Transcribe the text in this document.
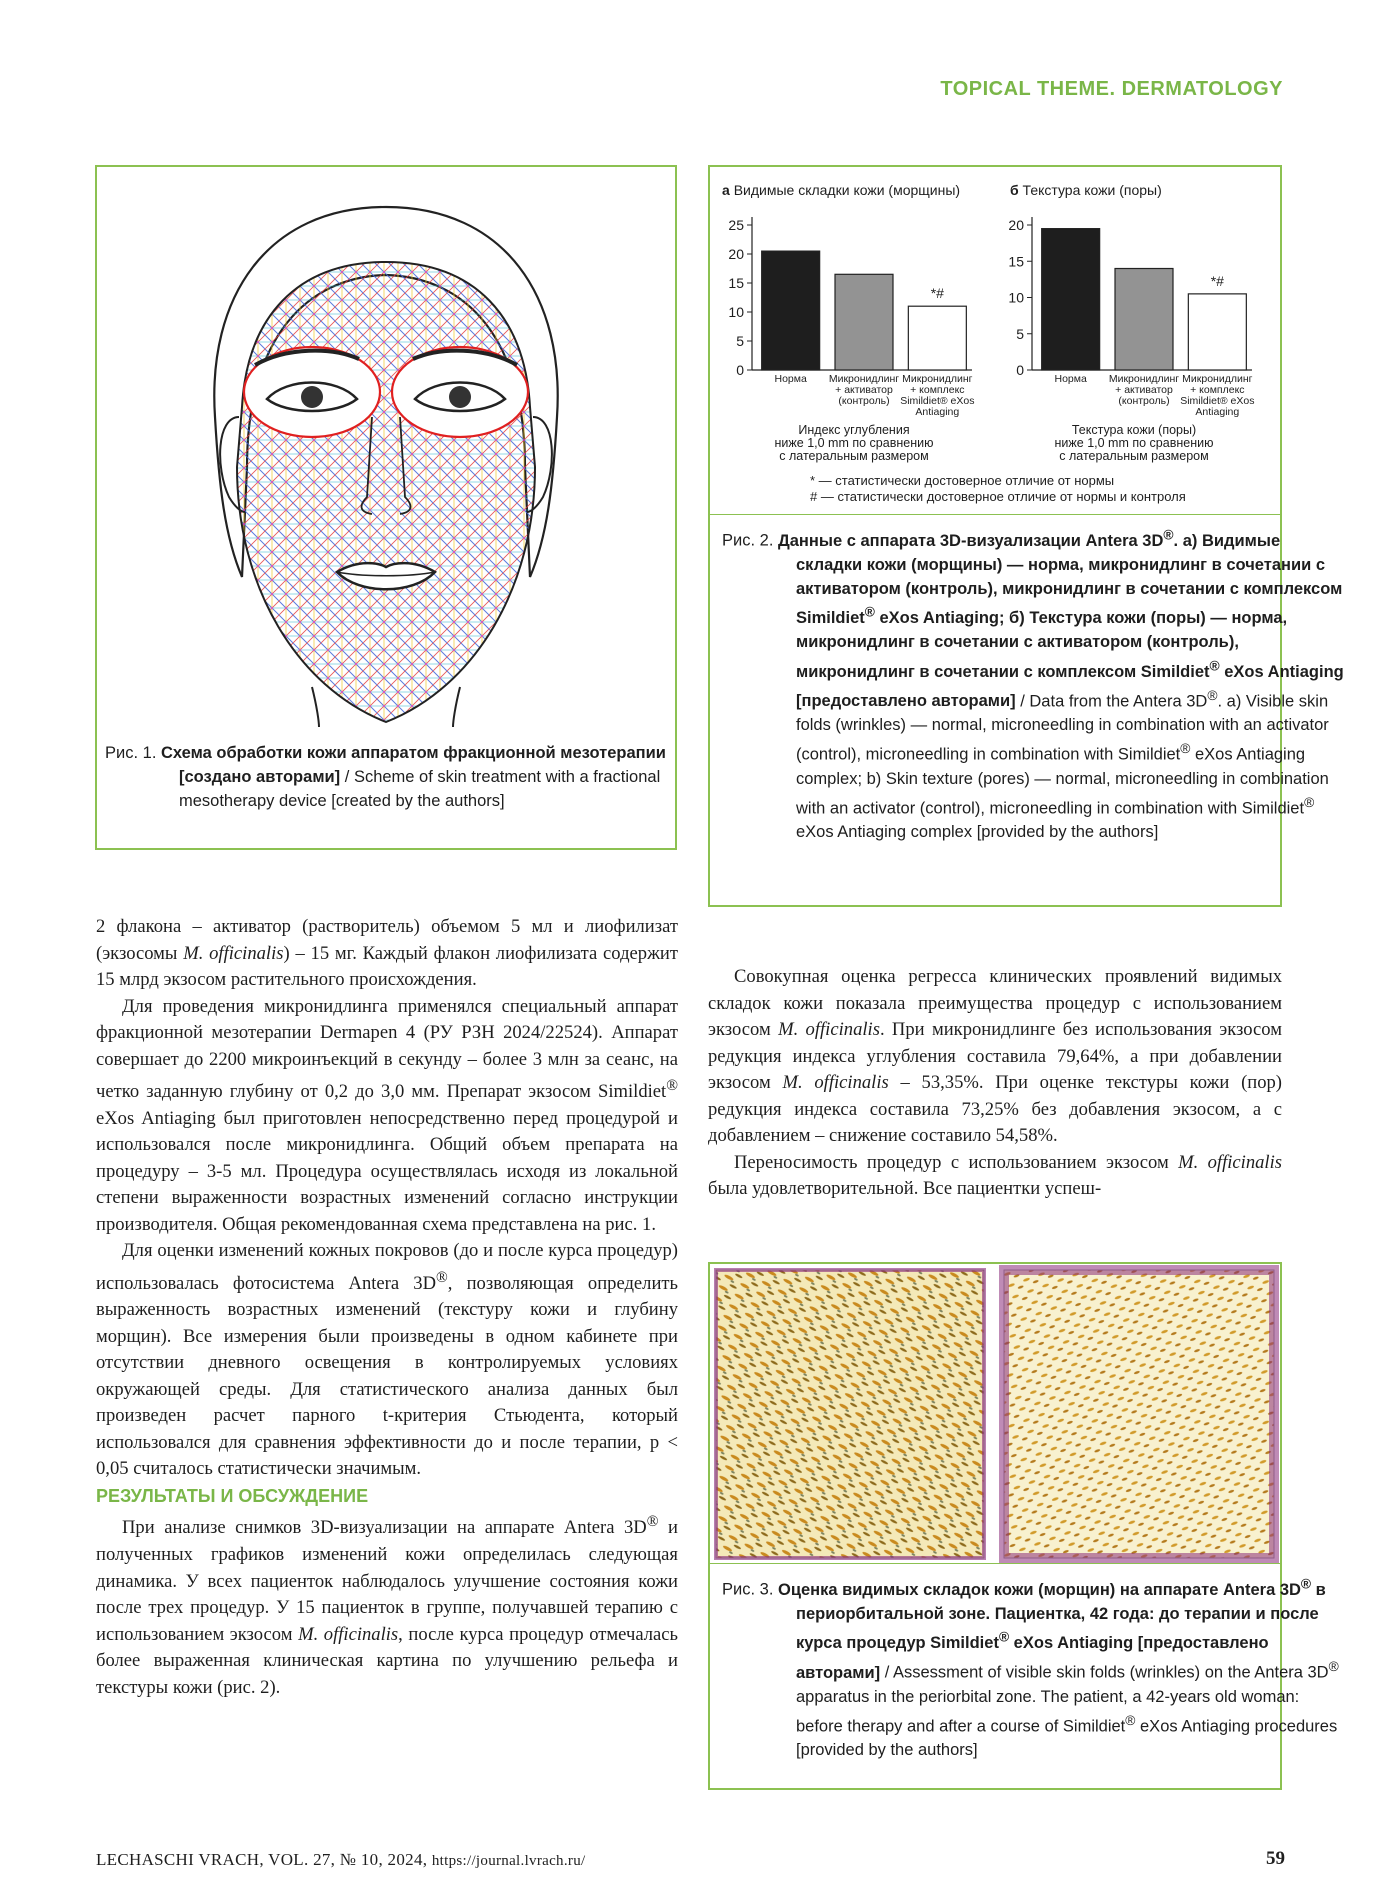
TOPICAL THEME. DERMATOLOGY
Рис. 1. Схема обработки кожи аппаратом фракционной мезотерапии [создано авторами] / Scheme of skin treatment with a fractional mesotherapy device [created by the authors]
а Видимые складки кожи (морщины)
0
5
10
15
20
25
Норма Микронидлинг
+ активатор
(контроль)
*#
Микронидлинг
+ комплекс
Simildiet® eXos
Antiaging
Индекс углубления
ниже 1,0 mm по сравнению
с латеральным размером
б Текстура кожи (поры)
0
5
10
15
20
Норма Микронидлинг
+ активатор
(контроль)
*#
Микронидлинг
+ комплекс
Simildiet® eXos
Antiaging
Текстура кожи (поры)
ниже 1,0 mm по сравнению
с латеральным размером
* — статистически достоверное отличие от нормы
# — статистически достоверное отличие от нормы и контроля
Рис. 2. Данные с аппарата 3D-визуализации Antera 3D®. а) Видимые складки кожи (морщины) — норма, микронидлинг в сочетании с активатором (контроль), микронидлинг в сочетании с комплексом Simildiet® eXos Antiaging; б) Текстура кожи (поры) — норма, микронидлинг в сочетании с активатором (контроль), микронидлинг в сочетании с комплексом Simildiet® eXos Antiaging [предоставлено авторами] / Data from the Antera 3D®. a) Visible skin folds (wrinkles) — normal, microneedling in combination with an activator (control), microneedling in combination with Simildiet® eXos Antiaging complex; b) Skin texture (pores) — normal, microneedling in combination with an activator (control), microneedling in combination with Simildiet® eXos Antiaging complex [provided by the authors]
Рис. 3. Оценка видимых складок кожи (морщин) на аппарате Antera 3D® в периорбитальной зоне. Пациентка, 42 года: до терапии и после курса процедур Simildiet® eXos Antiaging [предоставлено авторами] / Assessment of visible skin folds (wrinkles) on the Antera 3D® apparatus in the periorbital zone. The patient, a 42-years old woman: before therapy and after a course of Simildiet® eXos Antiaging procedures [provided by the authors]

2 флакона – активатор (растворитель) объемом 5 мл и лиофилизат (экзосомы M. officinalis) – 15 мг. Каждый флакон лиофилизата содержит 15 млрд экзосом растительного происхождения.

Для проведения микронидлинга применялся специальный аппарат фракционной мезотерапии Dermapen 4 (РУ РЗН 2024/22524). Аппарат совершает до 2200 микроинъекций в секунду – более 3 млн за сеанс, на четко заданную глубину от 0,2 до 3,0 мм. Препарат экзосом Simildiet® eXos Antiaging был приготовлен непосредственно перед процедурой и использовался после микронидлинга. Общий объем препарата на процедуру – 3-5 мл. Процедура осуществлялась исходя из локальной степени выраженности возрастных изменений согласно инструкции производителя. Общая рекомендованная схема представлена на рис. 1.

Для оценки изменений кожных покровов (до и после курса процедур) использовалась фотосистема Antera 3D®, позволяющая определить выраженность возрастных изменений (текстуру кожи и глубину морщин). Все измерения были произведены в одном кабинете при отсутствии дневного освещения в контролируемых условиях окружающей среды. Для статистического анализа данных был произведен расчет парного t-критерия Стьюдента, который использовался для сравнения эффективности до и после терапии, p < 0,05 считалось статистически значимым.

РЕЗУЛЬТАТЫ И ОБСУЖДЕНИЕ

При анализе снимков 3D-визуализации на аппарате Antera 3D® и полученных графиков изменений кожи определилась следующая динамика. У всех пациенток наблюдалось улучшение состояния кожи после трех процедур. У 15 пациенток в группе, получавшей терапию с использованием экзосом M. officinalis, после курса процедур отмечалась более выраженная клиническая картина по улучшению рельефа и текстуры кожи (рис. 2).

Совокупная оценка регресса клинических проявлений видимых складок кожи показала преимущества процедур с использованием экзосом M. officinalis. При микронидлинге без использования экзосом редукция индекса углубления составила 79,64%, а при добавлении экзосом M. officinalis – 53,35%. При оценке текстуры кожи (пор) редукция индекса составила 73,25% без добавления экзосом, а с добавлением – снижение составило 54,58%.

Переносимость процедур с использованием экзосом M. officinalis была удовлетворительной. Все пациентки успеш-

LECHASCHI VRACH, VOL. 27, № 10, 2024, https://journal.lvrach.ru/	59
